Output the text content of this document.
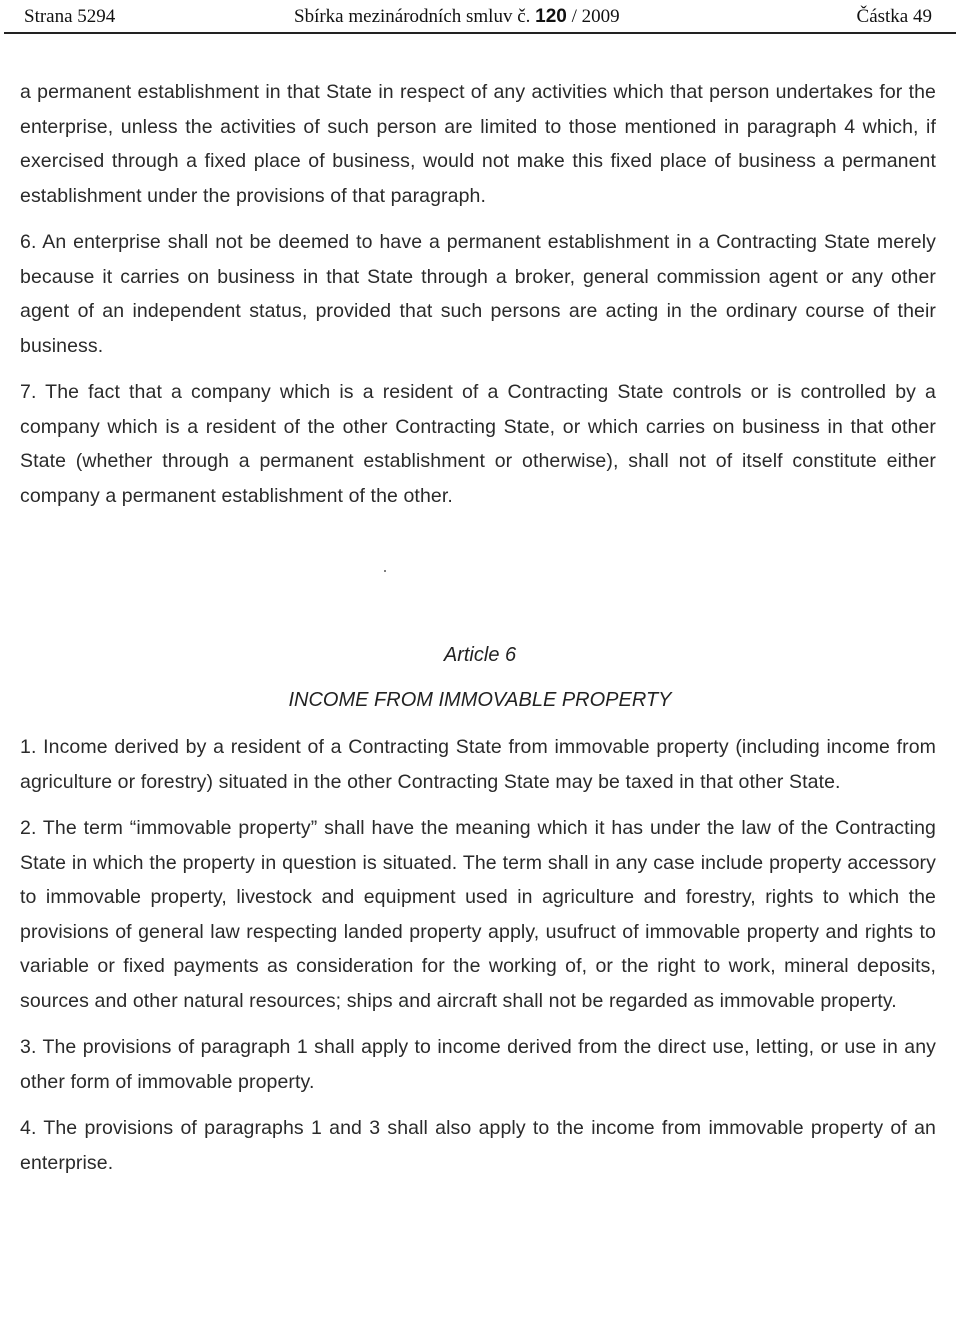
Strana 5294	Sbírka mezinárodních smluv č. 120 / 2009	Částka 49

a permanent establishment in that State in respect of any activities which that person undertakes for the enterprise, unless the activities of such person are limited to those mentioned in paragraph 4 which, if exercised through a fixed place of business, would not make this fixed place of business a permanent establishment under the provisions of that paragraph.

6. An enterprise shall not be deemed to have a permanent establishment in a Contracting State merely because it carries on business in that State through a broker, general commission agent or any other agent of an independent status, provided that such persons are acting in the ordinary course of their business.

7. The fact that a company which is a resident of a Contracting State controls or is controlled by a company which is a resident of the other Contracting State, or which carries on business in that other State (whether through a permanent establishment or otherwise), shall not of itself constitute either company a permanent establishment of the other.

Article 6
INCOME FROM IMMOVABLE PROPERTY

1. Income derived by a resident of a Contracting State from immovable property (including income from agriculture or forestry) situated in the other Contracting State may be taxed in that other State.

2. The term “immovable property” shall have the meaning which it has under the law of the Contracting State in which the property in question is situated. The term shall in any case include property accessory to immovable property, livestock and equipment used in agriculture and forestry, rights to which the provisions of general law respecting landed property apply, usufruct of immovable property and rights to variable or fixed payments as consideration for the working of, or the right to work, mineral deposits, sources and other natural resources; ships and aircraft shall not be regarded as immovable property.

3. The provisions of paragraph 1 shall apply to income derived from the direct use, letting, or use in any other form of immovable property.

4. The provisions of paragraphs 1 and 3 shall also apply to the income from immovable property of an enterprise.
